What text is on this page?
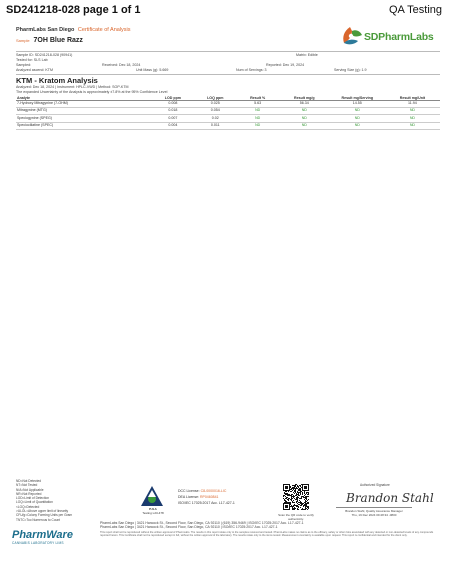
SD241218-028 page 1 of 1	QA Testing
PharmLabs San Diego Certificate of Analysis
Sample 7OH Blue Razz	SDPharmLabs
Sample ID: SD241218-028 (90941)	Matrix: Edible
Tested for: SLS Lab
Sampled:	Received: Dec 18, 2024	Reported: Dec 19, 2024
Analyzed ascend: KTM	Unit Mass (g): 5.669	Num of Servings: 3	Serving Size (g): 1.9
KTM - Kratom Analysis
Analyzed: Dec 18, 2024 | Instrument: HPLC-VWD | Method: SOP-KTM
The expanded Uncertainty of the Analysis is approximately ±7.8% at the 95% Confidence Level
Analyte	LOD ppm	LOQ ppm	Result %	Result mg/g	Result mg/Serving	Result mg/Unit
7-Hydroxy Mitragynine (7-OHM)	0.008	0.025	5.63	56.34	14.55	11.94
Mitragynine (MTG)	0.018	0.054	ND	ND	ND	ND
Speciogynine (SPEG)	0.007	0.02	ND	ND	ND	ND
Speciociliatine (SPEC)	0.004	0.011	ND	ND	ND	ND
ND=Not Detected
NT=Not Tested
N/A=Not Applicable
NR=Not Reported
LOD=Limit of Detection
LOQ=Limit of Quantitation
<LOQ=Detected
>ULOL=Above upper limit of linearity
CFU/g=Colony Forming Units per Gram
TNTC=Too Numerous to Count
PharmWare
CANNABIS LABORATORY LIMS
PJLA
Testing L23-478
DCC License: C8-0000016-LIC
DEA License: RP0460841
ISO/IEC 17025:2017 Acc. L17-427-1
Scan the QR code to verify authenticity.
Authorized Signature
Brandon Stahl
Brandon Stahl, Quality Assurance Manager
Thu, 19 Dec 2024 09:48:34 -0800
PharmLabs San Diego | 3421 Hancock St., Second Floor, San Diego, CA 92110 | (619) 356-9469 | ISO/IEC 17025:2017 Acc. L17-427-1
PharmLabs San Diego | 3421 Hancock St., Second Floor, San Diego, CA 92110 | ISO/IEC 17025:2017 Acc. L17-427-1
This report shall not be reproduced without the written approval of PharmLabs. The results in this report relate only to the samples received and tested. PharmLabs makes no claims as to the efficacy, safety or other risks associated with any detected or non-detected levels of any compounds reported herein. This Certificate shall not be reproduced except in full, without the written approval of the laboratory. The results relate only to the items tested. Measurement uncertainty is available upon request. This report is confidential and intended for the client only.
